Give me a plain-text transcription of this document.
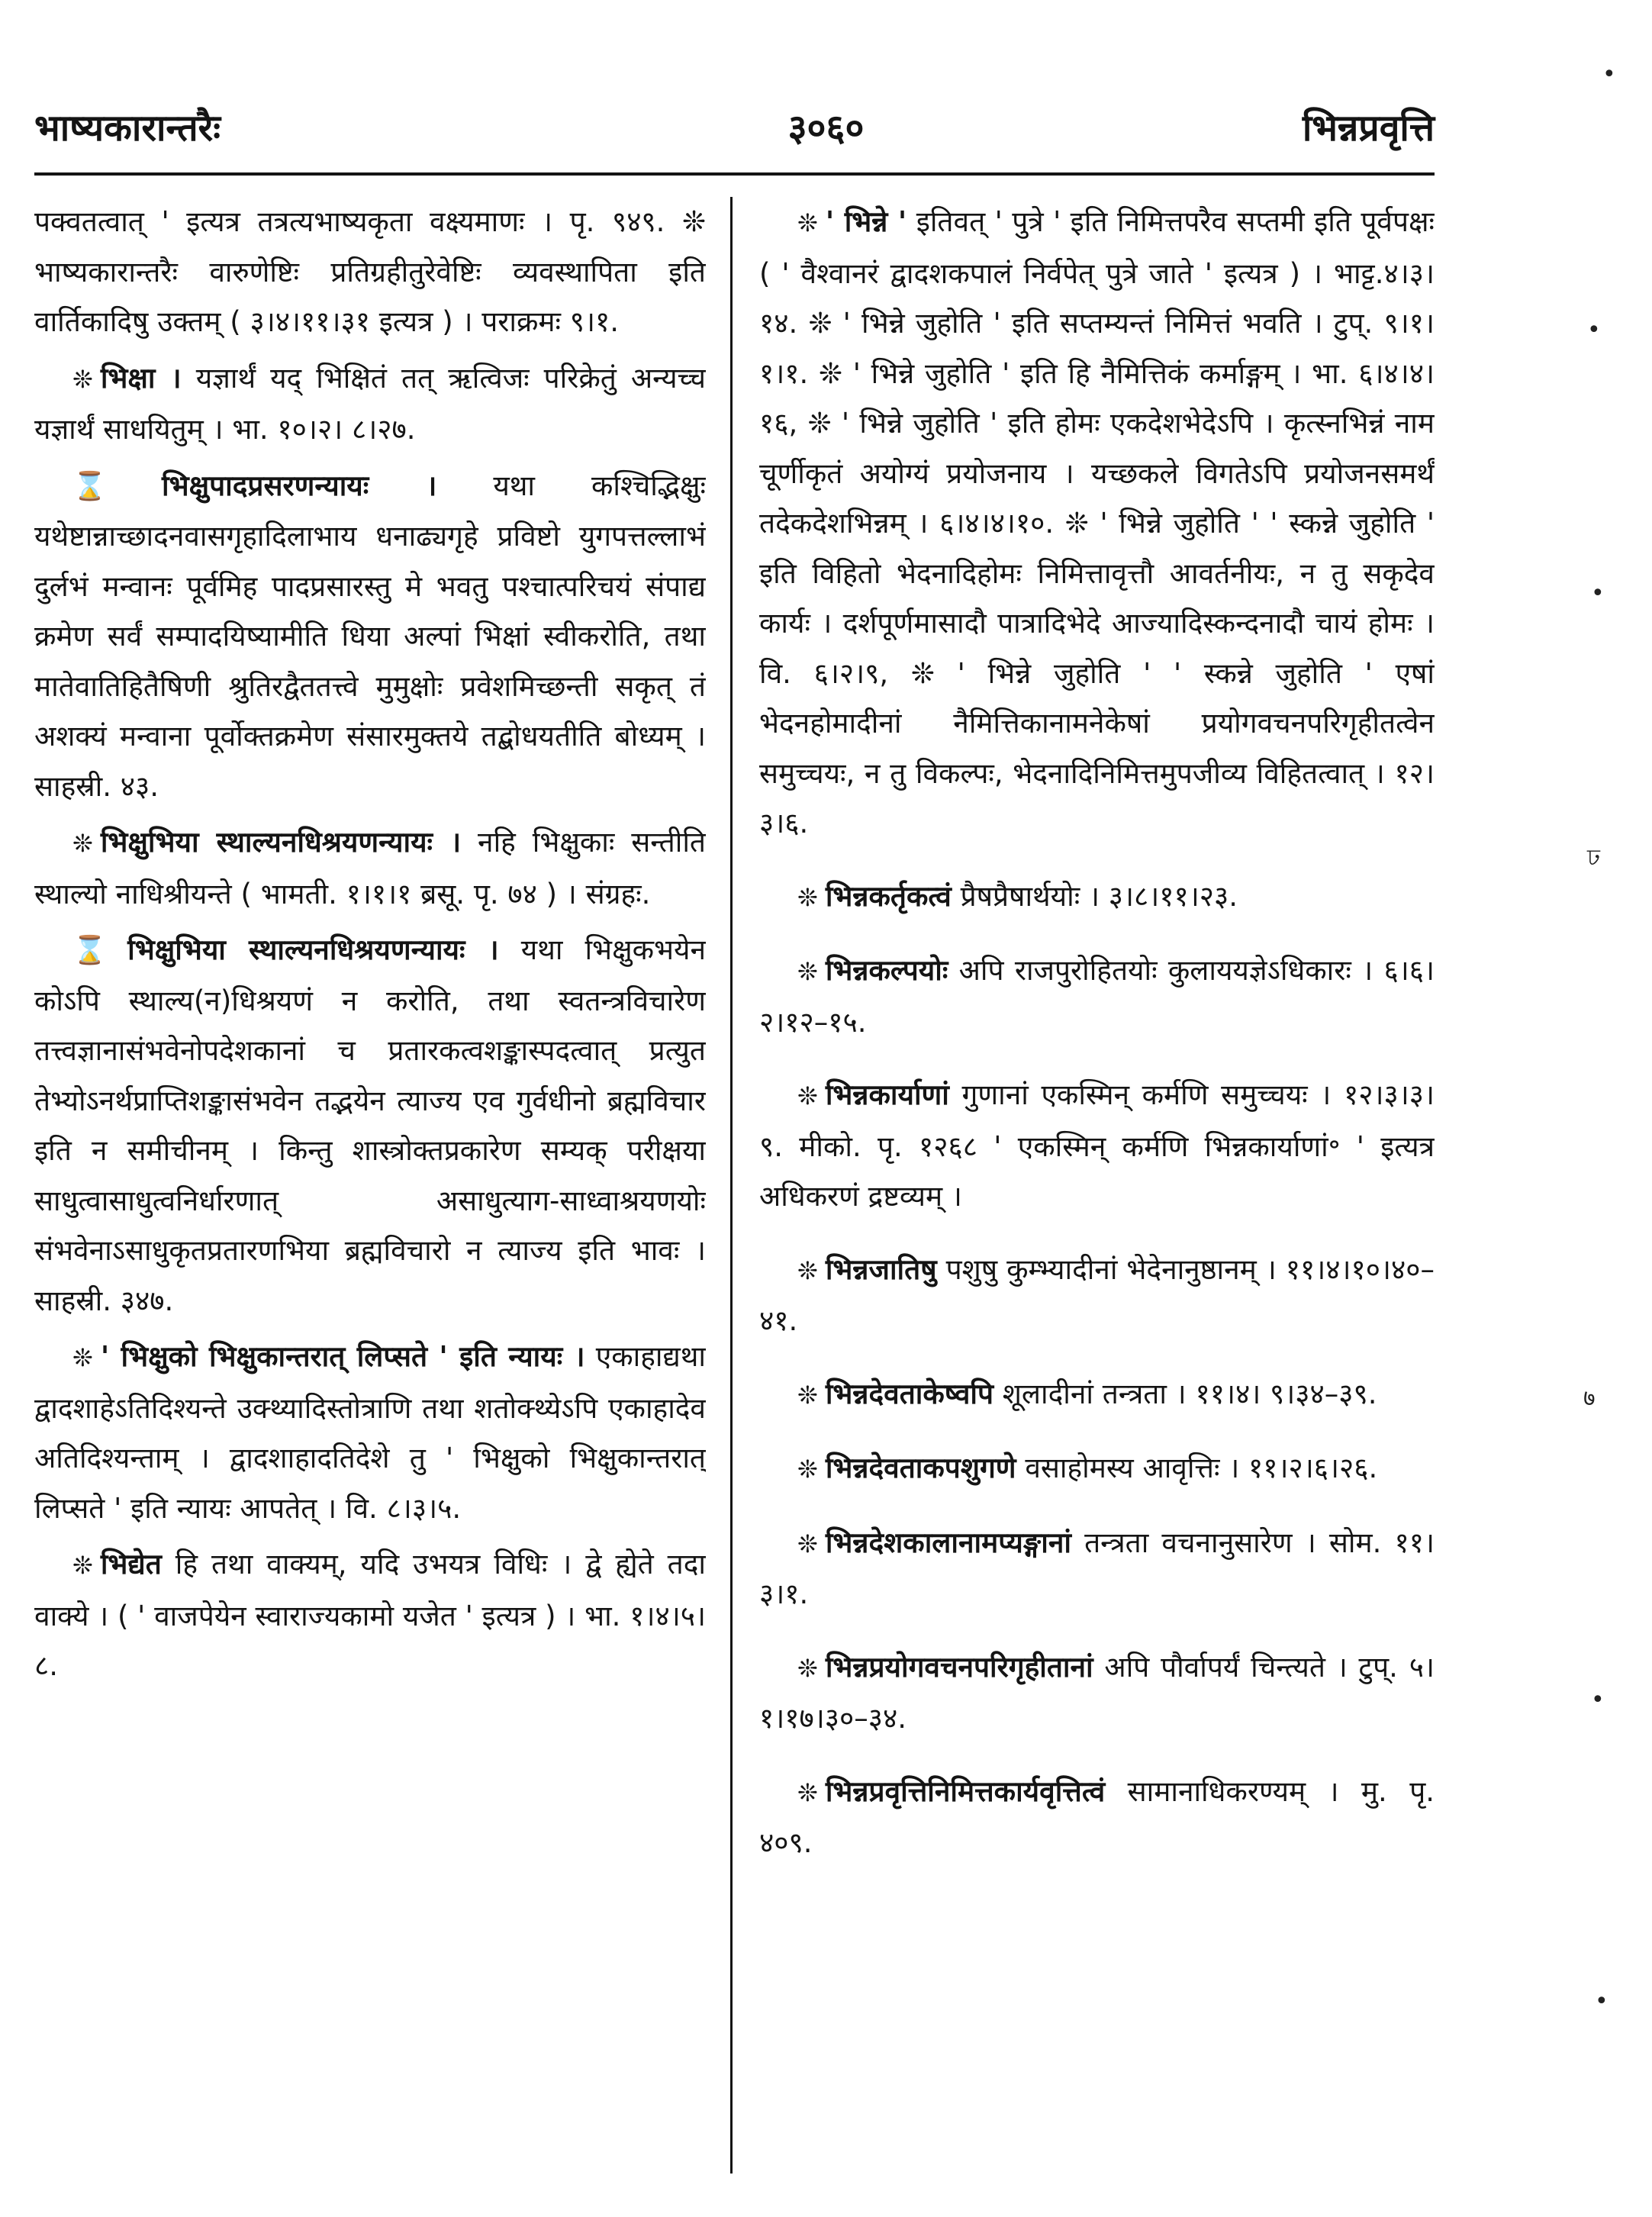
भाष्यकारान्तरैः	३०६०	भिन्नप्रवृत्ति

पक्वतत्वात् ' इत्यत्र तत्रत्यभाष्यकृता वक्ष्यमाणः । पृ. ९४९. ❊ भाष्यकारान्तरैः वारुणेष्टिः प्रतिग्रहीतुरेवेष्टिः व्यवस्थापिता इति वार्तिकादिषु उक्तम् ( ३।४।११।३१ इत्यत्र ) । पराक्रमः ९।१.

❊ भिक्षा । यज्ञार्थं यद् भिक्षितं तत् ऋत्विजः परिक्रेतुं अन्यच्च यज्ञार्थं साधयितुम् । भा. १०।२। ८।२७.

⌛ भिक्षुपादप्रसरणन्यायः । यथा कश्चिद्भिक्षुः यथेष्टान्नाच्छादनवासगृहादिलाभाय धनाढ्यगृहे प्रविष्टो युगपत्तल्लाभं दुर्लभं मन्वानः पूर्वमिह पादप्रसारस्तु मे भवतु पश्चात्परिचयं संपाद्य क्रमेण सर्वं सम्पादयिष्यामीति धिया अल्पां भिक्षां स्वीकरोति, तथा मातेवातिहितैषिणी श्रुतिरद्वैततत्त्वे मुमुक्षोः प्रवेशमिच्छन्ती सकृत् तं अशक्यं मन्वाना पूर्वोक्तक्रमेण संसारमुक्तये तद्बोधयतीति बोध्यम् । साहस्री. ४३.

❊ भिक्षुभिया स्थाल्यनधिश्रयणन्यायः । नहि भिक्षुकाः सन्तीति स्थाल्यो नाधिश्रीयन्ते ( भामती. १।१।१ ब्रसू. पृ. ७४ ) । संग्रहः.

⌛ भिक्षुभिया स्थाल्यनधिश्रयणन्यायः । यथा भिक्षुकभयेन कोऽपि स्थाल्य(न)धिश्रयणं न करोति, तथा स्वतन्त्रविचारेण तत्त्वज्ञानासंभवेनोपदेशकानां च प्रतारकत्वशङ्कास्पदत्वात् प्रत्युत तेभ्योऽनर्थप्राप्तिशङ्कासंभवेन तद्भयेन त्याज्य एव गुर्वधीनो ब्रह्मविचार इति न समीचीनम् । किन्तु शास्त्रोक्तप्रकारेण सम्यक् परीक्षया साधुत्वासाधुत्वनिर्धारणात् असाधुत्याग-साध्वाश्रयणयोः संभवेनाऽसाधुकृतप्रतारणभिया ब्रह्मविचारो न त्याज्य इति भावः । साहस्री. ३४७.

❊ ' भिक्षुको भिक्षुकान्तरात् लिप्सते ' इति न्यायः । एकाहाद्यथा द्वादशाहेऽतिदिश्यन्ते उक्थ्यादिस्तोत्राणि तथा शतोक्थ्येऽपि एकाहादेव अतिदिश्यन्ताम् । द्वादशाहादतिदेशे तु ' भिक्षुको भिक्षुकान्तरात् लिप्सते ' इति न्यायः आपतेत् । वि. ८।३।५.

❊ भिद्येत हि तथा वाक्यम्, यदि उभयत्र विधिः । द्वे ह्येते तदा वाक्ये । ( ' वाजपेयेन स्वाराज्यकामो यजेत ' इत्यत्र ) । भा. १।४।५।८.

❊ ' भिन्ने ' इतिवत् ' पुत्रे ' इति निमित्तपरैव सप्तमी इति पूर्वपक्षः ( ' वैश्वानरं द्वादशकपालं निर्वपेत् पुत्रे जाते ' इत्यत्र ) । भाट्ट.४।३।१४. ❊ ' भिन्ने जुहोति ' इति सप्तम्यन्तं निमित्तं भवति । टुप्. ९।१। १।१. ❊ ' भिन्ने जुहोति ' इति हि नैमित्तिकं कर्माङ्गम् । भा. ६।४।४।१६, ❊ ' भिन्ने जुहोति ' इति होमः एकदेशभेदेऽपि । कृत्स्नभिन्नं नाम चूर्णीकृतं अयोग्यं प्रयोजनाय । यच्छकले विगतेऽपि प्रयोजनसमर्थं तदेकदेशभिन्नम् । ६।४।४।१०. ❊ ' भिन्ने जुहोति ' ' स्कन्ने जुहोति ' इति विहितो भेदनादिहोमः निमित्तावृत्तौ आवर्तनीयः, न तु सकृदेव कार्यः । दर्शपूर्णमासादौ पात्रादिभेदे आज्यादिस्कन्दनादौ चायं होमः । वि. ६।२।९, ❊ ' भिन्ने जुहोति ' ' स्कन्ने जुहोति ' एषां भेदनहोमादीनां नैमित्तिकानामनेकेषां प्रयोगवचनपरिगृहीतत्वेन समुच्चयः, न तु विकल्पः, भेदनादिनिमित्तमुपजीव्य विहितत्वात् । १२।३।६.

❊ भिन्नकर्तृकत्वं प्रैषप्रैषार्थयोः । ३।८।११।२३.

❊ भिन्नकल्पयोः अपि राजपुरोहितयोः कुलाययज्ञेऽधिकारः । ६।६।२।१२–१५.

❊ भिन्नकार्याणां गुणानां एकस्मिन् कर्मणि समुच्चयः । १२।३।३।९. मीको. पृ. १२६८ ' एकस्मिन् कर्मणि भिन्नकार्याणां॰ ' इत्यत्र अधिकरणं द्रष्टव्यम् ।

❊ भिन्नजातिषु पशुषु कुम्भ्यादीनां भेदेनानुष्ठानम् । ११।४।१०।४०–४१.

❊ भिन्नदेवताकेष्वपि शूलादीनां तन्त्रता । ११।४। ९।३४–३९.

❊ भिन्नदेवताकपशुगणे वसाहोमस्य आवृत्तिः । ११।२।६।२६.

❊ भिन्नदेशकालानामप्यङ्गानां तन्त्रता वचनानुसारेण । सोम. ११।३।१.

❊ भिन्नप्रयोगवचनपरिगृहीतानां अपि पौर्वापर्यं चिन्त्यते । टुप्. ५।१।१७।३०–३४.

❊ भिन्नप्रवृत्तिनिमित्तकार्यवृत्तित्वं सामानाधिकरण्यम् । मु. पृ. ४०९.

•
•
•
ঢ
७
•
•
